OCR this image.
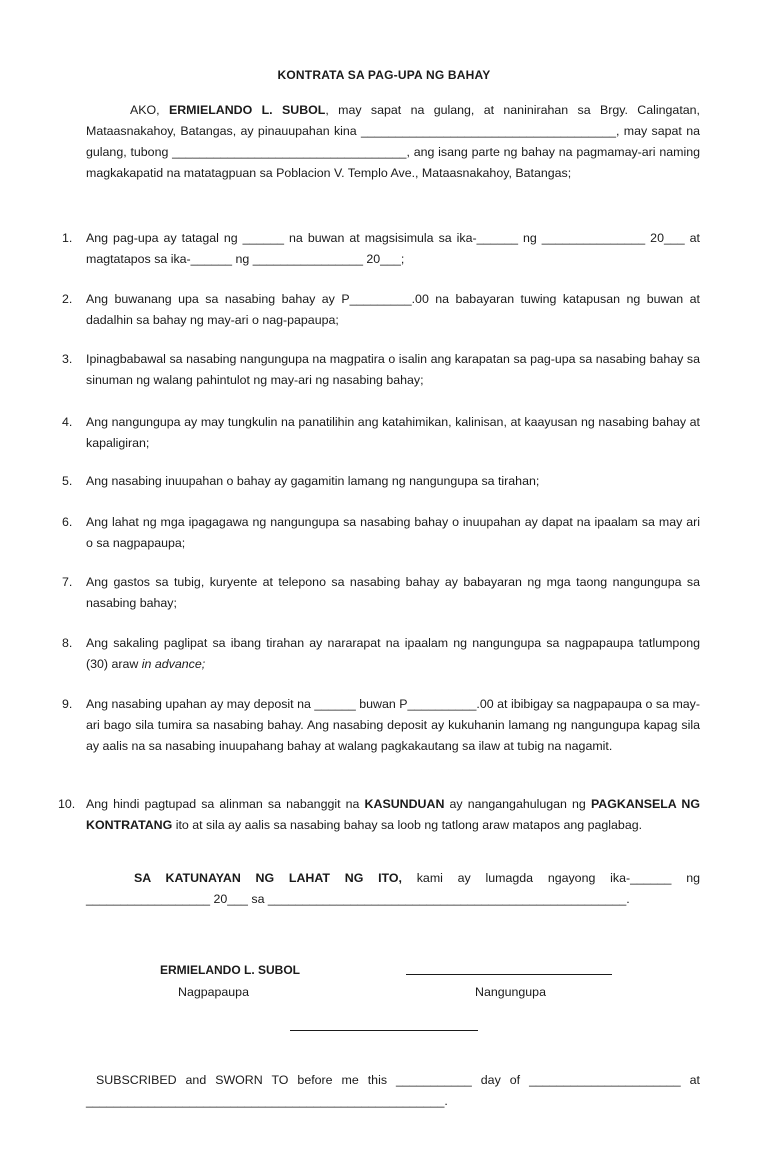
KONTRATA SA PAG-UPA NG BAHAY
AKO, ERMIELANDO L. SUBOL, may sapat na gulang, at naninirahan sa Brgy. Calingatan, Mataasnakahoy, Batangas, ay pinauupahan kina _____________________________________, may sapat na gulang, tubong __________________________________, ang isang parte ng bahay na pagmamay-ari naming magkakapatid na matatagpuan sa Poblacion V. Templo Ave., Mataasnakahoy, Batangas;
1. Ang pag-upa ay tatagal ng ______ na buwan at magsisimula sa ika-______ ng _______________ 20___ at magtatapos sa ika-______ ng ________________ 20___;
2. Ang buwanang upa sa nasabing bahay ay P_________.00 na babayaran tuwing katapusan ng buwan at dadalhin sa bahay ng may-ari o nag-papaupa;
3. Ipinagbabawal sa nasabing nangungupa na magpatira o isalin ang karapatan sa pag-upa sa nasabing bahay sa sinuman ng walang pahintulot ng may-ari ng nasabing bahay;
4. Ang nangungupa ay may tungkulin na panatilihin ang katahimikan, kalinisan, at kaayusan ng nasabing bahay at kapaligiran;
5. Ang nasabing inuupahan o bahay ay gagamitin lamang ng nangungupa sa tirahan;
6. Ang lahat ng mga ipagagawa ng nangungupa sa nasabing bahay o inuupahan ay dapat na ipaalam sa may ari o sa nagpapaupa;
7. Ang gastos sa tubig, kuryente at telepono sa nasabing bahay ay babayaran ng mga taong nangungupa sa nasabing bahay;
8. Ang sakaling paglipat sa ibang tirahan ay nararapat na ipaalam ng nangungupa sa nagpapaupa tatlumpong (30) araw in advance;
9. Ang nasabing upahan ay may deposit na ______ buwan P__________.00 at ibibigay sa nagpapaupa o sa may-ari bago sila tumira sa nasabing bahay. Ang nasabing deposit ay kukuhanin lamang ng nangungupa kapag sila ay aalis na sa nasabing inuupahang bahay at walang pagkakautang sa ilaw at tubig na nagamit.
10. Ang hindi pagtupad sa alinman sa nabanggit na KASUNDUAN ay nangangahulugan ng PAGKANSELA NG KONTRATANG ito at sila ay aalis sa nasabing bahay sa loob ng tatlong araw matapos ang paglabag.
SA KATUNAYAN NG LAHAT NG ITO, kami ay lumagda ngayong ika-______ ng __________________ 20___ sa ____________________________________________________.
ERMIELANDO L. SUBOL
Nagpapaupa	Nangungupa
SUBSCRIBED and SWORN TO before me this ___________ day of ______________________ at ____________________________________________________.
